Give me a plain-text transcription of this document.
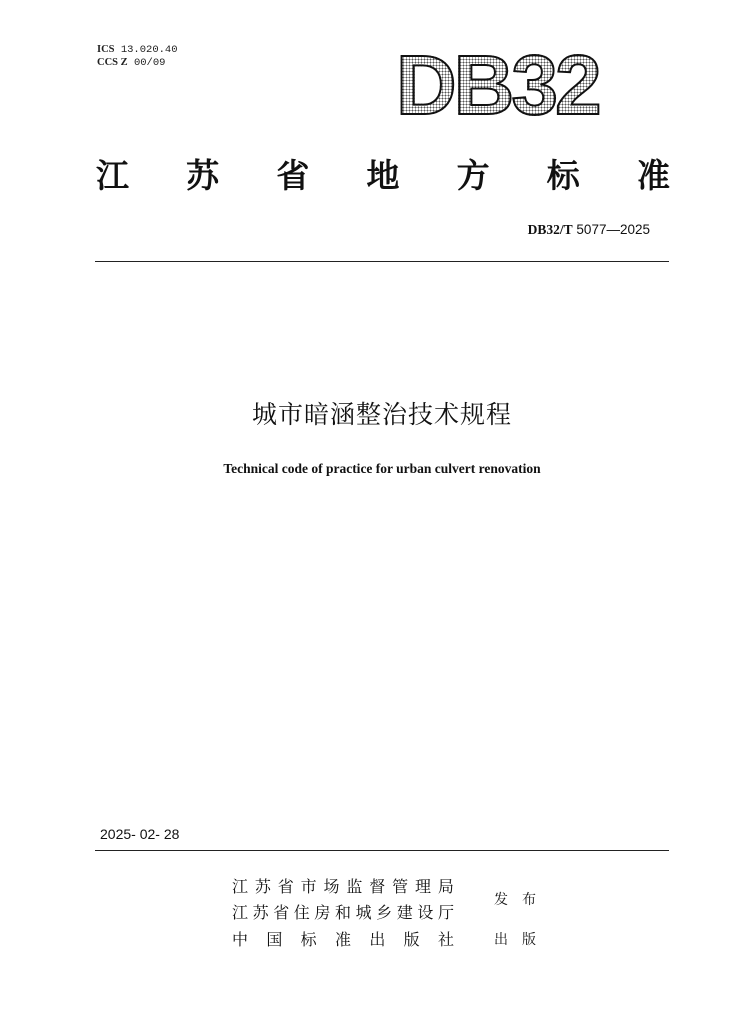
ICS 13.020.40
CCS Z 00/09	DB32
江 苏 省 地 方 标 准
DB32/T 5077—2025
城市暗涵整治技术规程
Technical code of practice for urban culvert renovation
2025- 02- 28
江 苏 省 市 场 监 督 管 理 局
江 苏 省 住 房 和 城 乡 建 设 厅
中 国 标 准 出 版 社
发 布
出 版
